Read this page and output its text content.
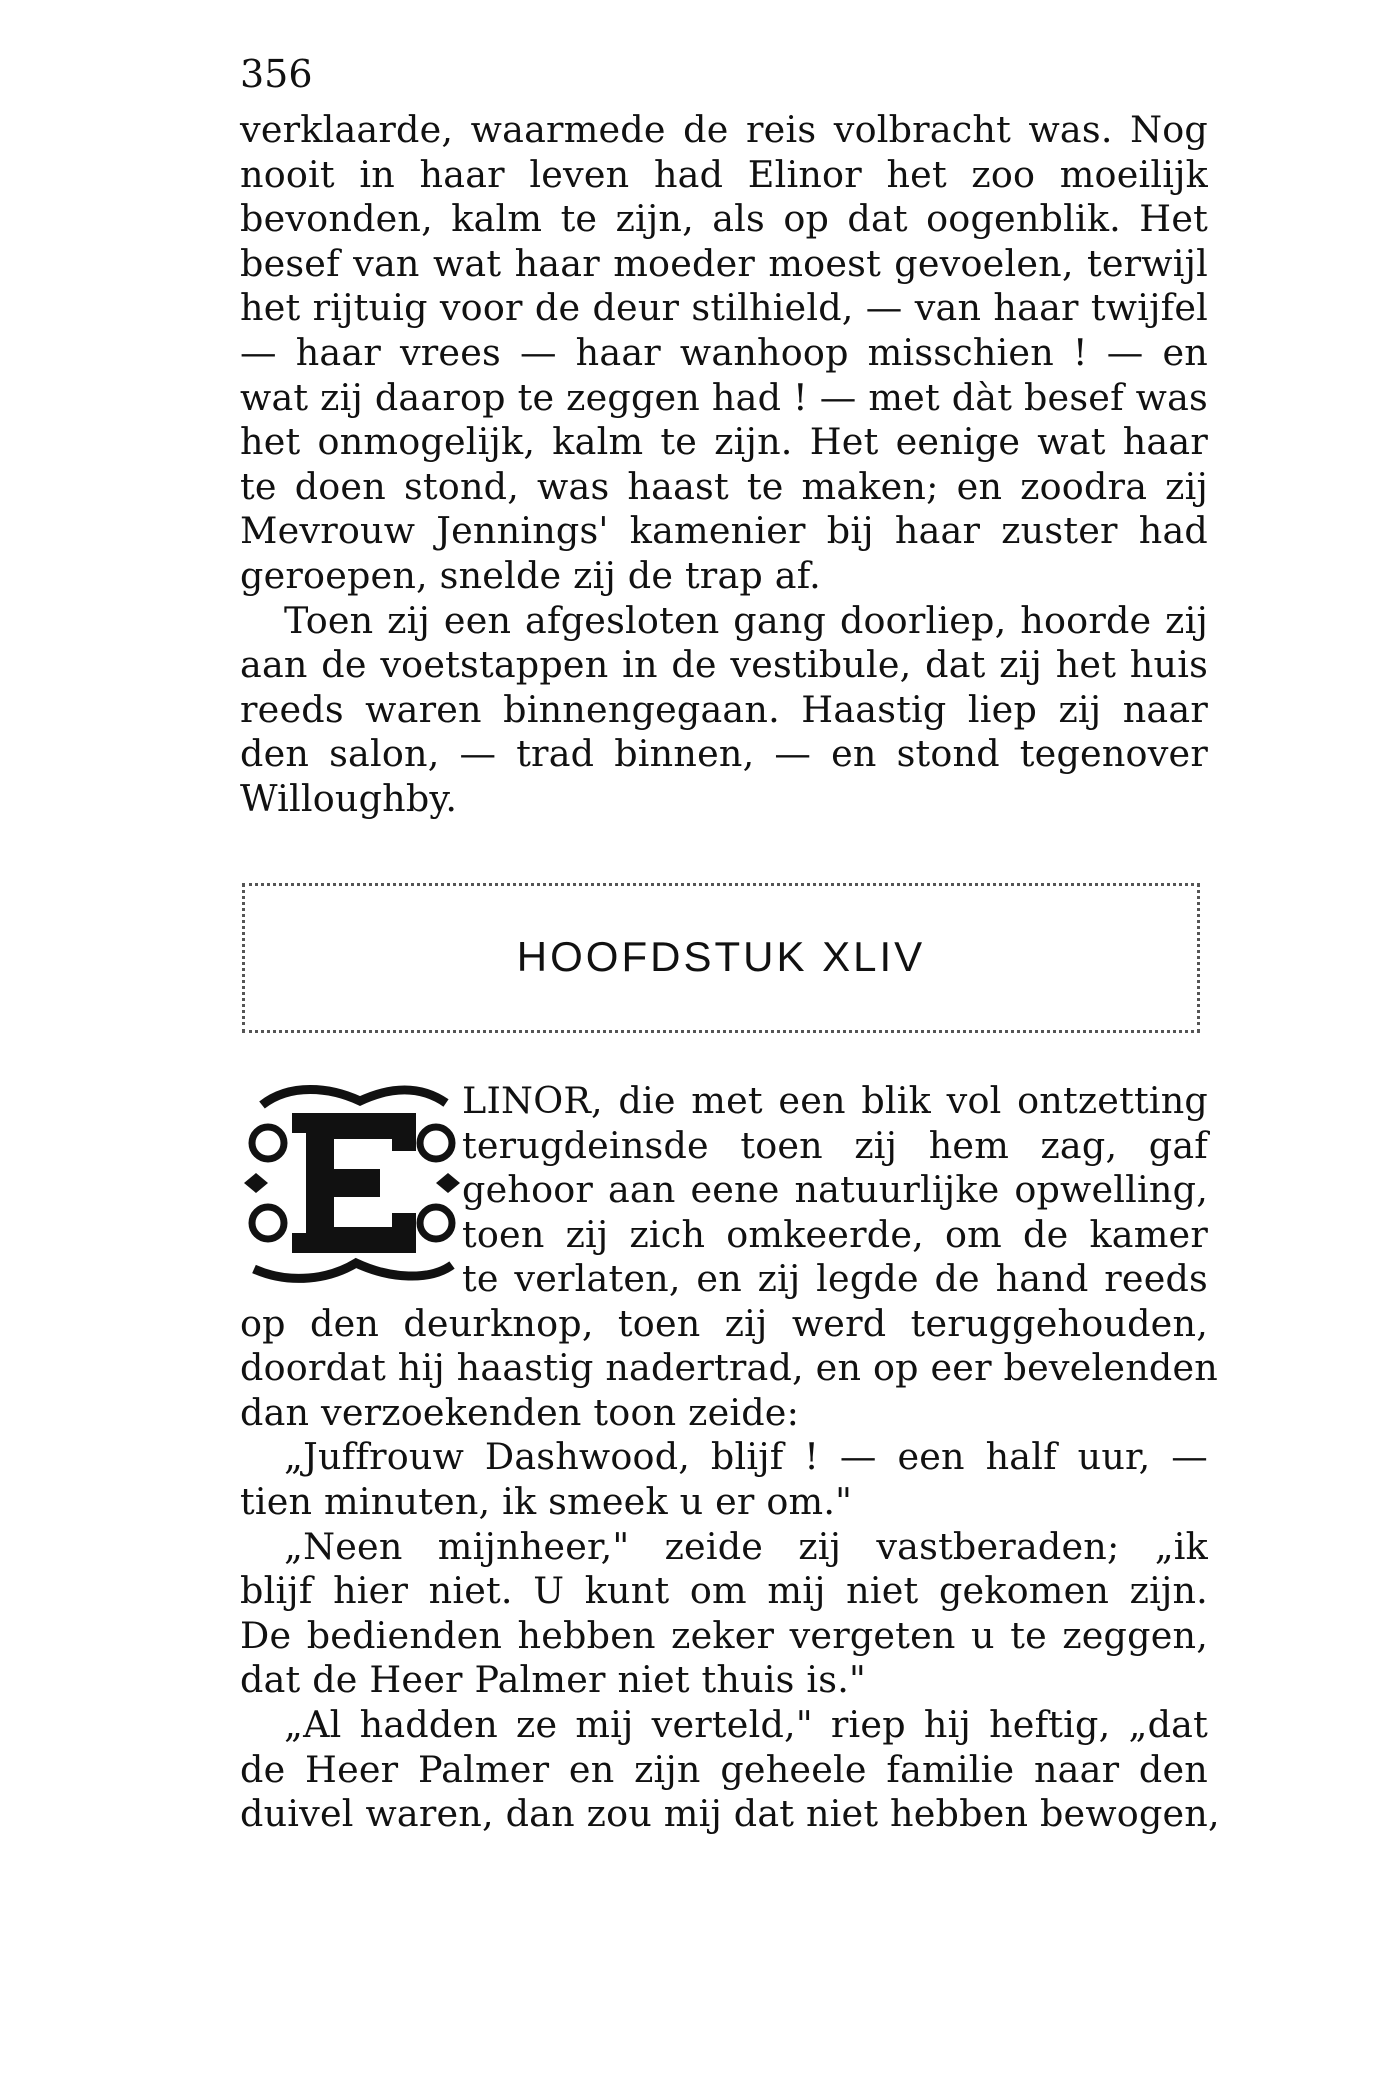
356
verklaarde, waarmede de reis volbracht was. Nog
nooit in haar leven had Elinor het zoo moeilijk
bevonden, kalm te zijn, als op dat oogenblik. Het
besef van wat haar moeder moest gevoelen, terwijl
het rijtuig voor de deur stilhield, — van haar twijfel
— haar vrees — haar wanhoop misschien ! — en
wat zij daarop te zeggen had ! — met dàt besef was
het onmogelijk, kalm te zijn. Het eenige wat haar
te doen stond, was haast te maken; en zoodra zij
Mevrouw Jennings' kamenier bij haar zuster had
geroepen, snelde zij de trap af.
Toen zij een afgesloten gang doorliep, hoorde zij
aan de voetstappen in de vestibule, dat zij het huis
reeds waren binnengegaan. Haastig liep zij naar
den salon, — trad binnen, — en stond tegenover
Willoughby.
HOOFDSTUK XLIV
LINOR, die met een blik vol ontzetting
terugdeinsde toen zij hem zag, gaf
gehoor aan eene natuurlijke opwelling,
toen zij zich omkeerde, om de kamer
te verlaten, en zij legde de hand reeds
op den deurknop, toen zij werd teruggehouden,
doordat hij haastig nadertrad, en op eer bevelenden
dan verzoekenden toon zeide:
„Juffrouw Dashwood, blijf ! — een half uur, —
tien minuten, ik smeek u er om."
„Neen mijnheer," zeide zij vastberaden; „ik
blijf hier niet. U kunt om mij niet gekomen zijn.
De bedienden hebben zeker vergeten u te zeggen,
dat de Heer Palmer niet thuis is."
„Al hadden ze mij verteld," riep hij heftig, „dat
de Heer Palmer en zijn geheele familie naar den
duivel waren, dan zou mij dat niet hebben bewogen,
